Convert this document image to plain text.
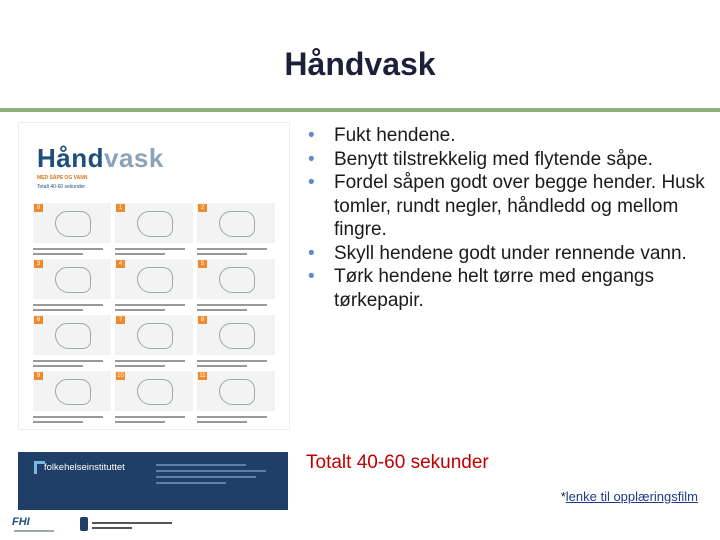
Håndvask
Håndvask
MED SÅPE OG VANN
Totalt 40-60 sekunder
0	1	2
3	4	5
6	7	8
9	10	11
• Fukt hendene.
• Benytt tilstrekkelig med flytende såpe.
• Fordel såpen godt over begge hender. Husk tomler, rundt negler, håndledd og mellom fingre.
• Skyll hendene godt under rennende vann.
• Tørk hendene helt tørre med engangs tørkepapir.
folkehelseinstituttet	Totalt 40-60 sekunder
*lenke til opplæringsfilm
FHI
